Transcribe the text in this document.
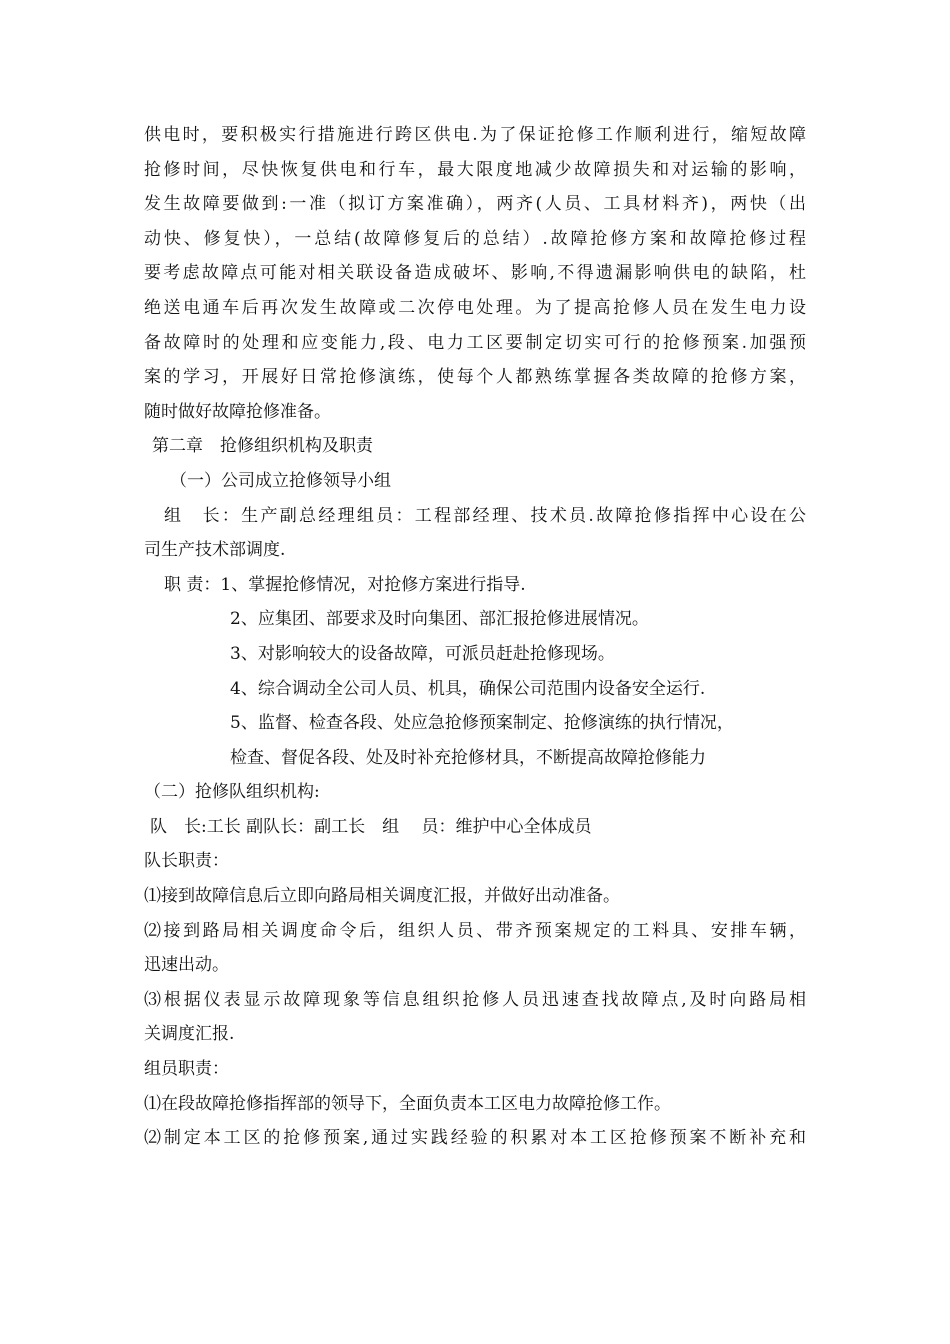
供电时，要积极实行措施进行跨区供电.为了保证抢修工作顺利进行，缩短故障
抢修时间，尽快恢复供电和行车，最大限度地减少故障损失和对运输的影响，
发生故障要做到:一准（拟订方案准确），两齐(人员、工具材料齐)，两快（出
动快、修复快），一总结(故障修复后的总结）.故障抢修方案和故障抢修过程
要考虑故障点可能对相关联设备造成破坏、影响,不得遗漏影响供电的缺陷，杜
绝送电通车后再次发生故障或二次停电处理。为了提高抢修人员在发生电力设
备故障时的处理和应变能力,段、电力工区要制定切实可行的抢修预案.加强预
案的学习，开展好日常抢修演练，使每个人都熟练掌握各类故障的抢修方案，
随时做好故障抢修准备。
第二章　抢修组织机构及职责
（一）公司成立抢修领导小组
组　长：生产副总经理组员：工程部经理、技术员.故障抢修指挥中心设在公
司生产技术部调度.
职 责：1、掌握抢修情况，对抢修方案进行指导.
2、应集团、部要求及时向集团、部汇报抢修进展情况。
3、对影响较大的设备故障，可派员赶赴抢修现场。
4、综合调动全公司人员、机具，确保公司范围内设备安全运行.
5、监督、检查各段、处应急抢修预案制定、抢修演练的执行情况，
检查、督促各段、处及时补充抢修材具，不断提高故障抢修能力
（二）抢修队组织机构:
队　长:工长 副队长：副工长　组　 员：维护中心全体成员
队长职责：
⑴接到故障信息后立即向路局相关调度汇报，并做好出动准备。
⑵接到路局相关调度命令后，组织人员、带齐预案规定的工料具、安排车辆，
迅速出动。
⑶根据仪表显示故障现象等信息组织抢修人员迅速查找故障点,及时向路局相
关调度汇报.
组员职责：
⑴在段故障抢修指挥部的领导下，全面负责本工区电力故障抢修工作。
⑵制定本工区的抢修预案,通过实践经验的积累对本工区抢修预案不断补充和
